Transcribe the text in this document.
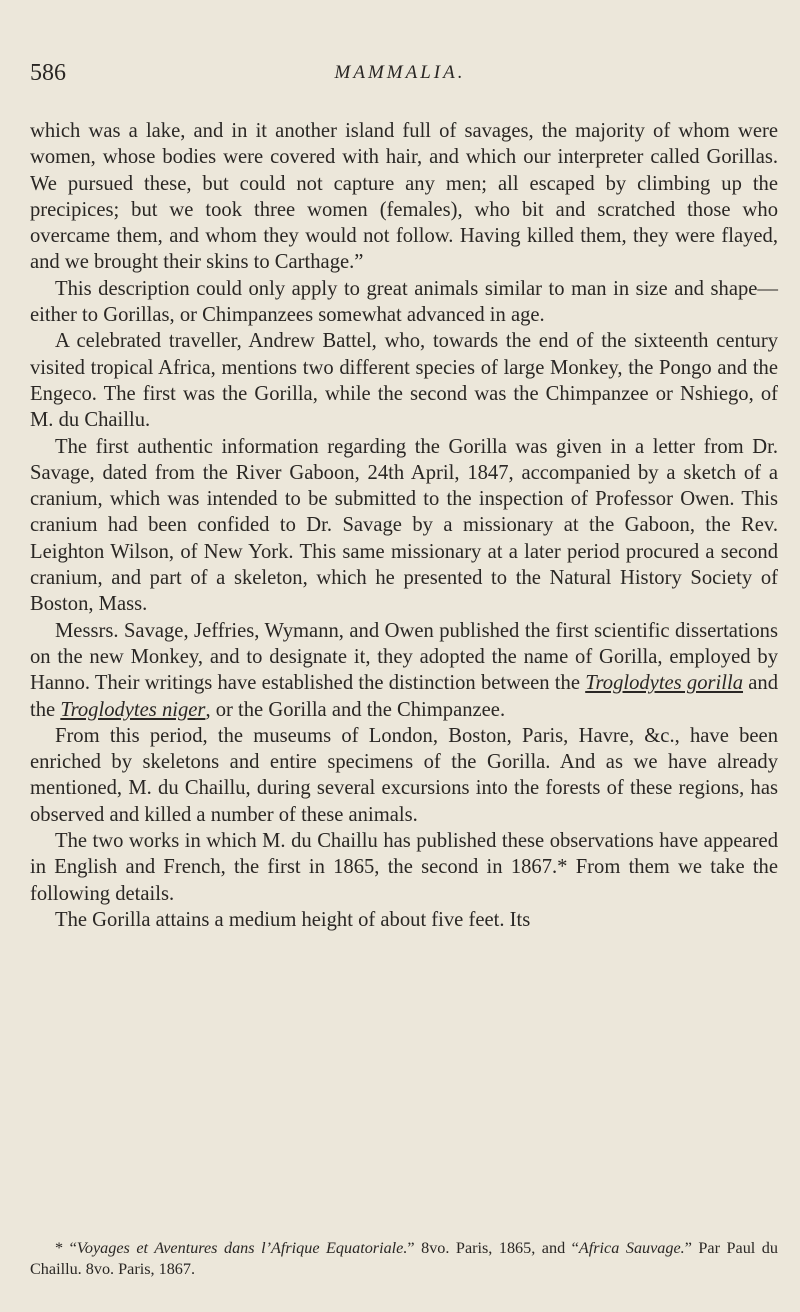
586	MAMMALIA.

which was a lake, and in it another island full of savages, the majority of whom were women, whose bodies were covered with hair, and which our interpreter called Gorillas. We pursued these, but could not capture any men; all escaped by climbing up the precipices; but we took three women (females), who bit and scratched those who overcame them, and whom they would not follow. Having killed them, they were flayed, and we brought their skins to Carthage.”

This description could only apply to great animals similar to man in size and shape—either to Gorillas, or Chimpanzees somewhat advanced in age.

A celebrated traveller, Andrew Battel, who, towards the end of the sixteenth century visited tropical Africa, mentions two different species of large Monkey, the Pongo and the Engeco. The first was the Gorilla, while the second was the Chimpanzee or Nshiego, of M. du Chaillu.

The first authentic information regarding the Gorilla was given in a letter from Dr. Savage, dated from the River Gaboon, 24th April, 1847, accompanied by a sketch of a cranium, which was intended to be submitted to the inspection of Professor Owen. This cranium had been confided to Dr. Savage by a missionary at the Gaboon, the Rev. Leighton Wilson, of New York. This same missionary at a later period procured a second cranium, and part of a skeleton, which he presented to the Natural History Society of Boston, Mass.

Messrs. Savage, Jeffries, Wymann, and Owen published the first scientific dissertations on the new Monkey, and to designate it, they adopted the name of Gorilla, employed by Hanno. Their writings have established the distinction between the Troglodytes gorilla and the Troglodytes niger, or the Gorilla and the Chimpanzee.

From this period, the museums of London, Boston, Paris, Havre, &c., have been enriched by skeletons and entire specimens of the Gorilla. And as we have already mentioned, M. du Chaillu, during several excursions into the forests of these regions, has observed and killed a number of these animals.

The two works in which M. du Chaillu has published these observations have appeared in English and French, the first in 1865, the second in 1867.* From them we take the following details.

The Gorilla attains a medium height of about five feet. Its

* “Voyages et Aventures dans l’Afrique Equatoriale.” 8vo. Paris, 1865, and “Africa Sauvage.” Par Paul du Chaillu. 8vo. Paris, 1867.
